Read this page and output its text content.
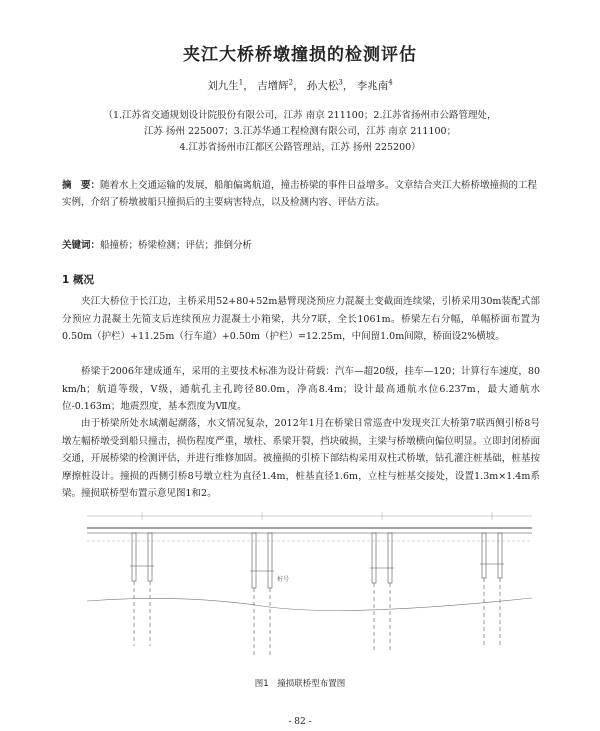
夹江大桥桥墩撞损的检测评估
刘九生$^1$， 吉增辉$^2$， 孙大松$^3$， 李兆南$^4$
（1.江苏省交通规划设计院股份有限公司，江苏 南京 211100；2.江苏省扬州市公路管理处，
江苏 扬州 225007；3.江苏华通工程检测有限公司，江苏 南京 211100；
4.江苏省扬州市江都区公路管理站，江苏 扬州 225200）
摘　要：随着水上交通运输的发展，船舶偏离航道，撞击桥梁的事件日益增多。文章结合夹江大桥桥墩撞损的工程实例，介绍了桥墩被船只撞损后的主要病害特点，以及检测内容、评估方法。
关键词：船撞桥；桥梁检测；评估；推倒分析
1 概况
夹江大桥位于长江边，主桥采用52+80+52m悬臂现浇预应力混凝土变截面连续梁，引桥采用30m装配式部分预应力混凝土先简支后连续预应力混凝土小箱梁，共分7联，全长1061m。桥梁左右分幅，单幅桥面布置为0.50m（护栏）+11.25m（行车道）+0.50m（护栏）=12.25m，中间留1.0m间隙，桥面设2%横坡。
桥梁于2006年建成通车，采用的主要技术标准为设计荷载：汽车—超20级，挂车—120；计算行车速度，80 km/h；航道等级，V级，通航孔主孔跨径80.0m，净高8.4m；设计最高通航水位6.237m，最大通航水位-0.163m；地震烈度，基本烈度为Ⅶ度。
由于桥梁所处水域潮起潮落，水文情况复杂，2012年1月在桥梁日常巡查中发现夹江大桥第7联西侧引桥8号墩左幅桥墩受到船只撞击，损伤程度严重，墩柱、系梁开裂，挡块破损，主梁与桥墩横向偏位明显。立即封闭桥面交通，开展桥梁的检测评估，并进行维修加固。被撞损的引桥下部结构采用双柱式桥墩，钻孔灌注桩基础，桩基按摩擦桩设计。撞损的西侧引桥8号墩立柱为直径1.4m，桩基直径1.6m，立柱与桩基交接处，设置1.3m×1.4m系梁。撞损联桥型布置示意见图1和2。
桩号
图1　撞损联桥型布置图
- 82 -
